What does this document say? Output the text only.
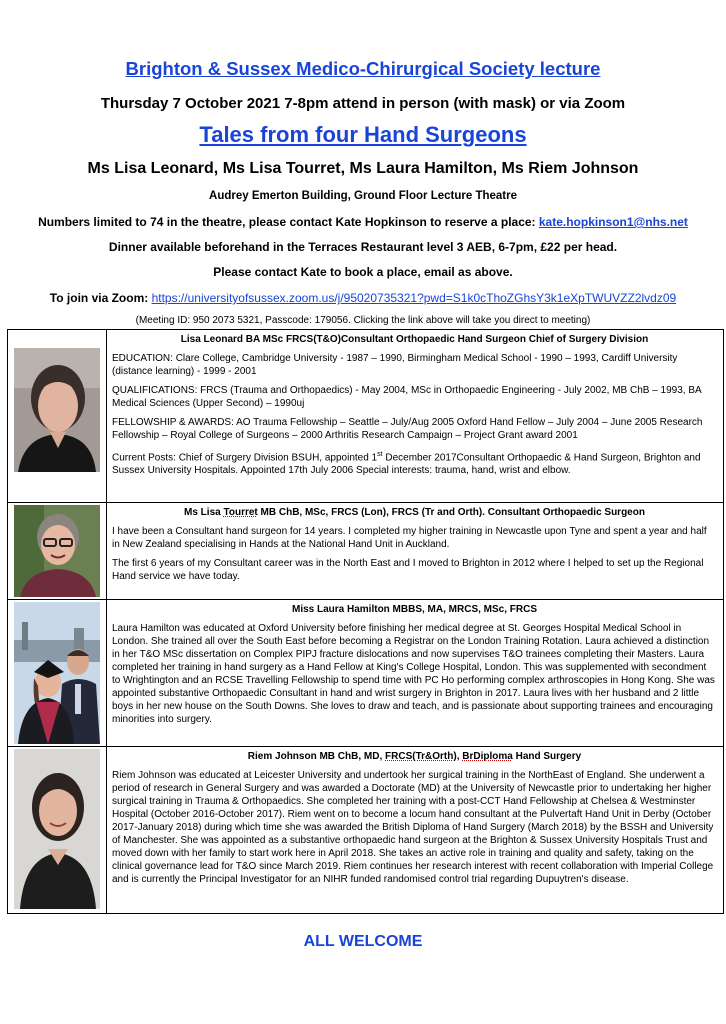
Brighton & Sussex Medico-Chirurgical Society lecture
Thursday 7 October 2021 7-8pm attend in person (with mask) or via Zoom
Tales from four Hand Surgeons
Ms Lisa Leonard, Ms Lisa Tourret, Ms Laura Hamilton, Ms Riem Johnson
Audrey Emerton Building, Ground Floor Lecture Theatre
Numbers limited to 74 in the theatre, please contact Kate Hopkinson to reserve a place: kate.hopkinson1@nhs.net
Dinner available beforehand in the Terraces Restaurant level 3 AEB, 6-7pm, £22 per head.
Please contact Kate to book a place, email as above.
To join via Zoom: https://universityofsussex.zoom.us/j/95020735321?pwd=S1k0cThoZGhsY3k1eXpTWUVZZ2lvdz09
(Meeting ID: 950 2073 5321, Passcode: 179056. Clicking the link above will take you direct to meeting)
Lisa Leonard BA MSc FRCS(T&O)Consultant Orthopaedic Hand Surgeon Chief of Surgery Division

EDUCATION: Clare College, Cambridge University - 1987 – 1990, Birmingham Medical School - 1990 – 1993, Cardiff University (distance learning) - 1999 - 2001

QUALIFICATIONS: FRCS (Trauma and Orthopaedics) - May 2004, MSc in Orthopaedic Engineering - July 2002, MB ChB – 1993, BA Medical Sciences (Upper Second) – 1990uj

FELLOWSHIP & AWARDS: AO Trauma Fellowship – Seattle – July/Aug 2005 Oxford Hand Fellow – July 2004 – June 2005 Research Fellowship – Royal College of Surgeons – 2000 Arthritis Research Campaign – Project Grant award 2001

Current Posts: Chief of Surgery Division BSUH, appointed 1st December 2017Consultant Orthopaedic & Hand Surgeon, Brighton and Sussex University Hospitals. Appointed 17th July 2006 Special interests: trauma, hand, wrist and elbow.

Ms Lisa Tourret MB ChB, MSc, FRCS (Lon), FRCS (Tr and Orth). Consultant Orthopaedic Surgeon

I have been a Consultant hand surgeon for 14 years. I completed my higher training in Newcastle upon Tyne and spent a year and half in New Zealand specialising in Hands at the National Hand Unit in Auckland.

The first 6 years of my Consultant career was in the North East and I moved to Brighton in 2012 where I helped to set up the Regional Hand service we have today.

Miss Laura Hamilton MBBS, MA, MRCS, MSc, FRCS

Laura Hamilton was educated at Oxford University before finishing her medical degree at St. Georges Hospital Medical School in London. She trained all over the South East before becoming a Registrar on the London Training Rotation. Laura achieved a distinction in her T&O MSc dissertation on Complex PIPJ fracture dislocations and now supervises T&O trainees completing their Masters. Laura completed her training in hand surgery as a Hand Fellow at King's College Hospital, London. This was supplemented with secondment to Wrightington and an RCSE Travelling Fellowship to spend time with PC Ho performing complex arthroscopies in Hong Kong. She was appointed substantive Orthopaedic Consultant in hand and wrist surgery in Brighton in 2017. Laura lives with her husband and 2 little boys in her new house on the South Downs. She loves to draw and teach, and is passionate about supporting trainees and encouraging minorities into surgery.

Riem Johnson MB ChB, MD, FRCS(Tr&Orth), BrDiploma Hand Surgery

Riem Johnson was educated at Leicester University and undertook her surgical training in the NorthEast of England. She underwent a period of research in General Surgery and was awarded a Doctorate (MD) at the University of Newcastle prior to undertaking her higher surgical training in Trauma & Orthopaedics. She completed her training with a post-CCT Hand Fellowship at Chelsea & Westminster Hospital (October 2016-October 2017). Riem went on to become a locum hand consultant at the Pulvertaft Hand Unit in Derby (October 2017-January 2018) during which time she was awarded the British Diploma of Hand Surgery (March 2018) by the BSSH and University of Manchester. She was appointed as a substantive orthopaedic hand surgeon at the Brighton & Sussex University Hospitals Trust and moved down with her family to start work here in April 2018. She takes an active role in training and quality and safety, taking on the clinical governance lead for T&O since March 2019. Riem continues her research interest with recent collaboration with Imperial College and is currently the Principal Investigator for an NIHR funded randomised control trial regarding Dupuytren's disease.

ALL WELCOME
